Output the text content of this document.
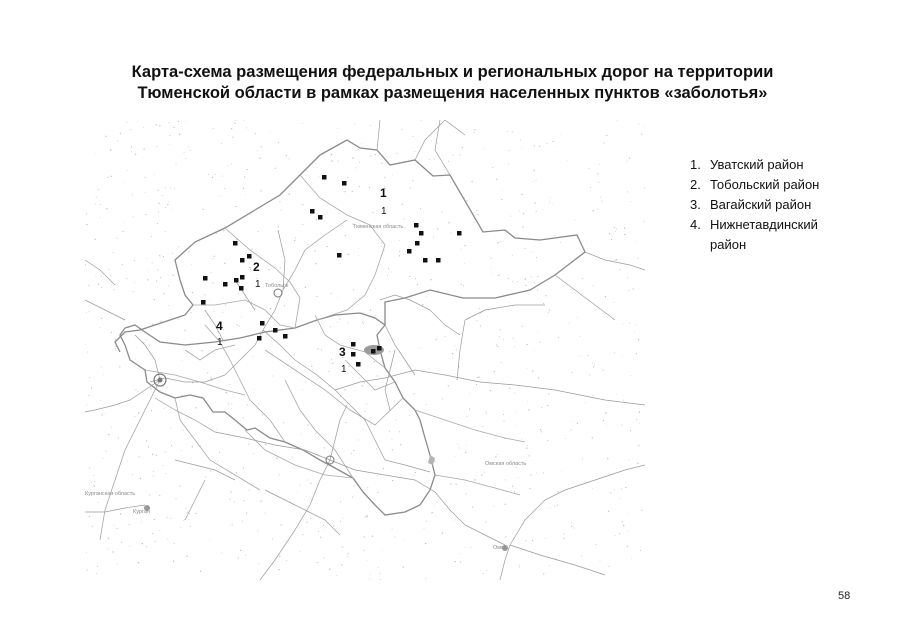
Карта-схема размещения федеральных и региональных дорог на территории
Тюменской области в рамках размещения населенных пунктов «заболотья»
Тюменская область
Тобольск
Курганская область
Курган
Омская область
Омск
1
1
2
1
3
1
4
1
1. Уватский район
2. Тобольский район
3. Вагайский район
4. Нижнетавдинский район
58
